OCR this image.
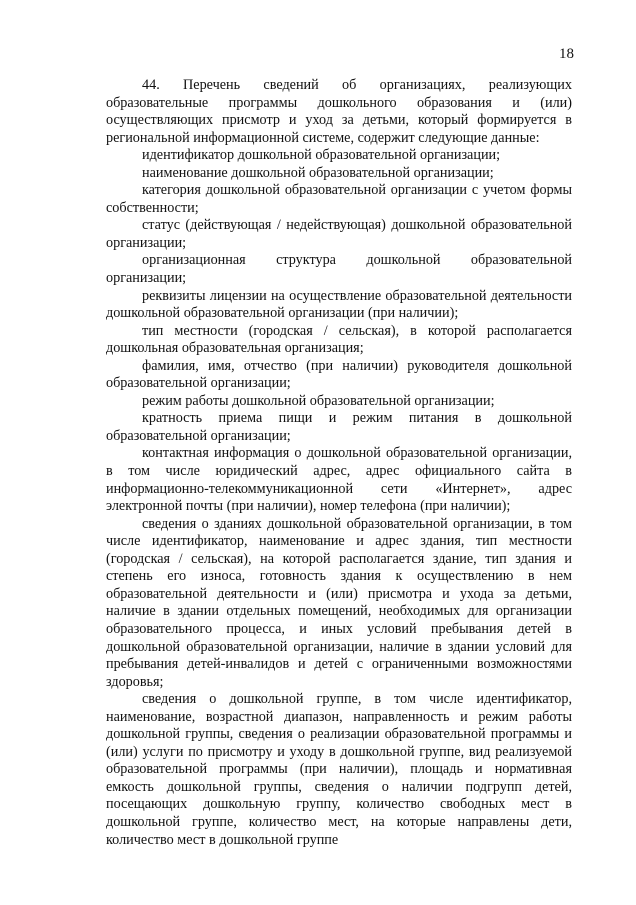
18

44. Перечень сведений об организациях, реализующих образовательные программы дошкольного образования и (или) осуществляющих присмотр и уход за детьми, который формируется в региональной информационной системе, содержит следующие данные:

идентификатор дошкольной образовательной организации;

наименование дошкольной образовательной организации;

категория дошкольной образовательной организации с учетом формы собственности;

статус (действующая / недействующая) дошкольной образовательной организации;

организационная структура дошкольной образовательной организации;

реквизиты лицензии на осуществление образовательной деятельности дошкольной образовательной организации (при наличии);

тип местности (городская / сельская), в которой располагается дошкольная образовательная организация;

фамилия, имя, отчество (при наличии) руководителя дошкольной образовательной организации;

режим работы дошкольной образовательной организации;

кратность приема пищи и режим питания в дошкольной образовательной организации;

контактная информация о дошкольной образовательной организации, в том числе юридический адрес, адрес официального сайта в информационно-телекоммуникационной сети «Интернет», адрес электронной почты (при наличии), номер телефона (при наличии);

сведения о зданиях дошкольной образовательной организации, в том числе идентификатор, наименование и адрес здания, тип местности (городская / сельская), на которой располагается здание, тип здания и степень его износа, готовность здания к осуществлению в нем образовательной деятельности и (или) присмотра и ухода за детьми, наличие в здании отдельных помещений, необходимых для организации образовательного процесса, и иных условий пребывания детей в дошкольной образовательной организации, наличие в здании условий для пребывания детей-инвалидов и детей с ограниченными возможностями здоровья;

сведения о дошкольной группе, в том числе идентификатор, наименование, возрастной диапазон, направленность и режим работы дошкольной группы, сведения о реализации образовательной программы и (или) услуги по присмотру и уходу в дошкольной группе, вид реализуемой образовательной программы (при наличии), площадь и нормативная емкость дошкольной группы, сведения о наличии подгрупп детей, посещающих дошкольную группу, количество свободных мест в дошкольной группе, количество мест, на которые направлены дети, количество мест в дошкольной группе
